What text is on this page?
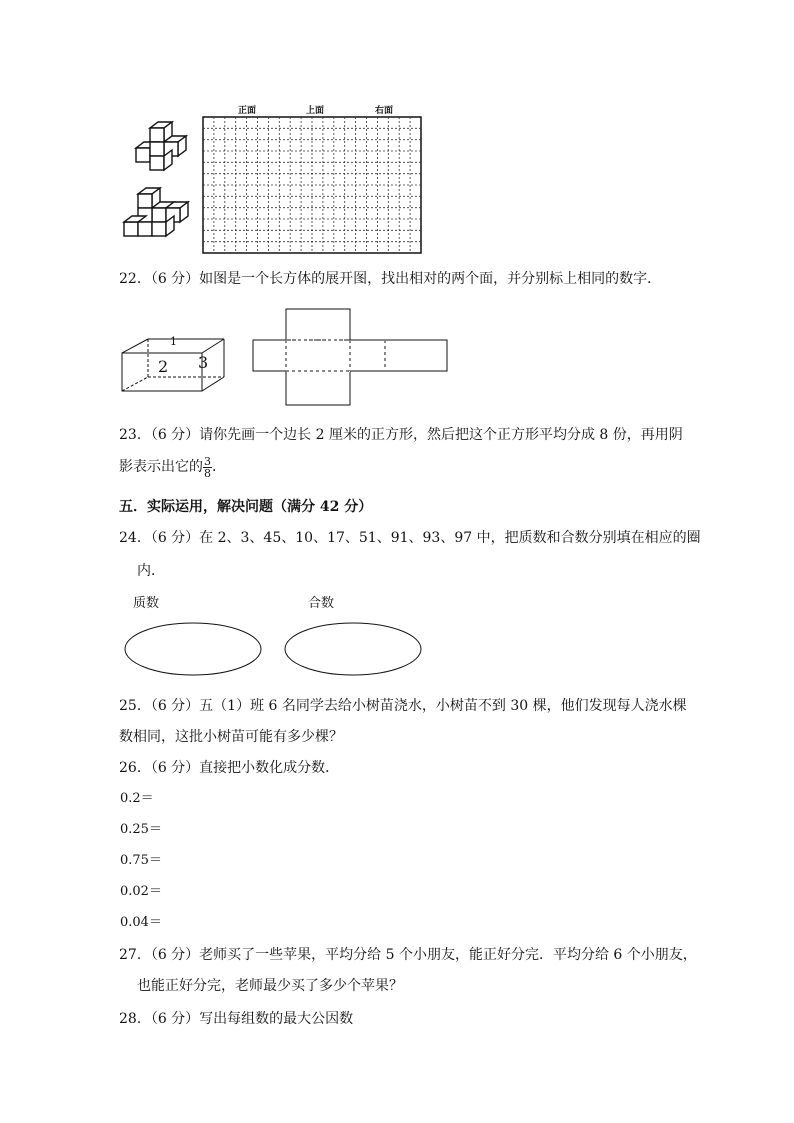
正面	上面	右面
22．（6 分）如图是一个长方体的展开图，找出相对的两个面，并分别标上相同的数字．
1
2 3
23．（6 分）请你先画一个边长 2 厘米的正方形，然后把这个正方形平均分成 8 份，再用阴
影表示出它的 $\frac{3}{8}$ ．
五．实际运用，解决问题（满分 42 分）
24．（6 分）在 2、3、45、10、17、51、91、93、97 中，把质数和合数分别填在相应的圈
内．
质数	合数
25．（6 分）五（1）班 6 名同学去给小树苗浇水，小树苗不到 30 棵，他们发现每人浇水棵
数相同，这批小树苗可能有多少棵？
26．（6 分）直接把小数化成分数．
0.2＝
0.25＝
0.75＝
0.02＝
0.04＝
27．（6 分）老师买了一些苹果，平均分给 5 个小朋友，能正好分完．平均分给 6 个小朋友，
也能正好分完，老师最少买了多少个苹果？
28．（6 分）写出每组数的最大公因数
